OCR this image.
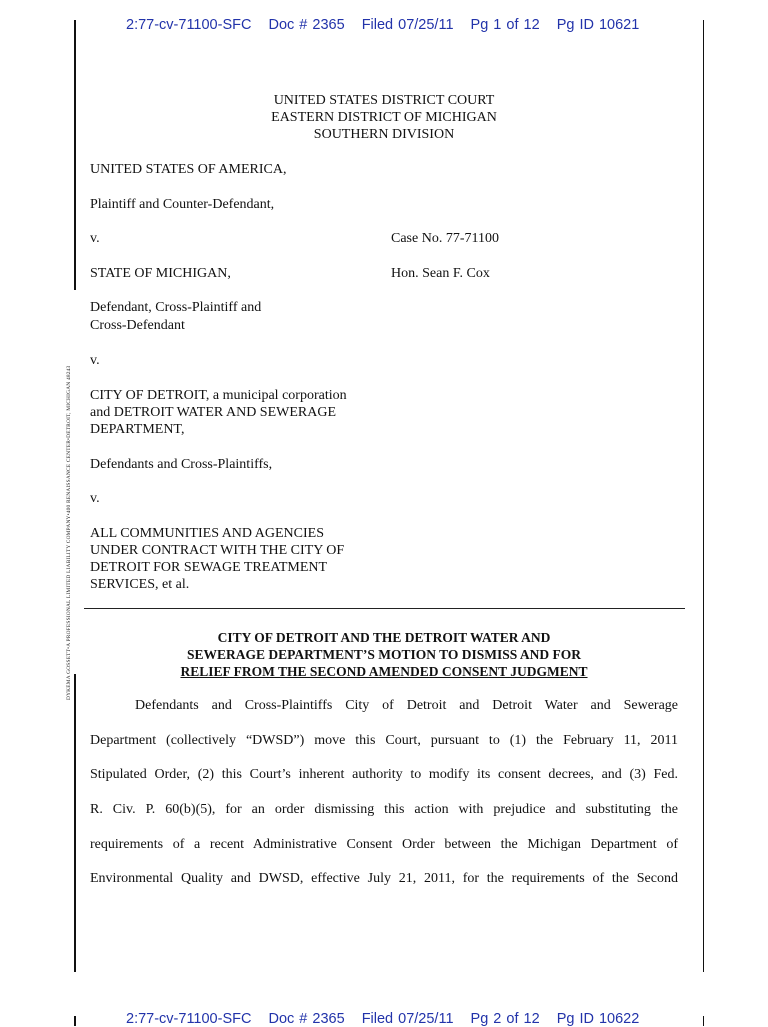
2:77-cv-71100-SFC Doc # 2365 Filed 07/25/11 Pg 1 of 12 Pg ID 10621
UNITED STATES DISTRICT COURT
EASTERN DISTRICT OF MICHIGAN
SOUTHERN DIVISION
UNITED STATES OF AMERICA,
Plaintiff and Counter-Defendant,
v.	Case No. 77-71100
STATE OF MICHIGAN,	Hon. Sean F. Cox
Defendant, Cross-Plaintiff and
Cross-Defendant
v.
CITY OF DETROIT, a municipal corporation
and DETROIT WATER AND SEWERAGE
DEPARTMENT,
Defendants and Cross-Plaintiffs,
v.
ALL COMMUNITIES AND AGENCIES
UNDER CONTRACT WITH THE CITY OF
DETROIT FOR SEWAGE TREATMENT
SERVICES, et al.
DYKEMA GOSSETT•A PROFESSIONAL LIMITED LIABILITY COMPANY•400 RENAISSANCE CENTER•DETROIT, MICHIGAN 48243	CITY OF DETROIT AND THE DETROIT WATER AND
SEWERAGE DEPARTMENT’S MOTION TO DISMISS AND FOR
RELIEF FROM THE SECOND AMENDED CONSENT JUDGMENT
Defendants and Cross-Plaintiffs City of Detroit and Detroit Water and Sewerage
Department (collectively “DWSD”) move this Court, pursuant to (1) the February 11, 2011
Stipulated Order, (2) this Court’s inherent authority to modify its consent decrees, and (3) Fed.
R. Civ. P. 60(b)(5), for an order dismissing this action with prejudice and substituting the
requirements of a recent Administrative Consent Order between the Michigan Department of
Environmental Quality and DWSD, effective July 21, 2011, for the requirements of the Second
2:77-cv-71100-SFC Doc # 2365 Filed 07/25/11 Pg 2 of 12 Pg ID 10622
